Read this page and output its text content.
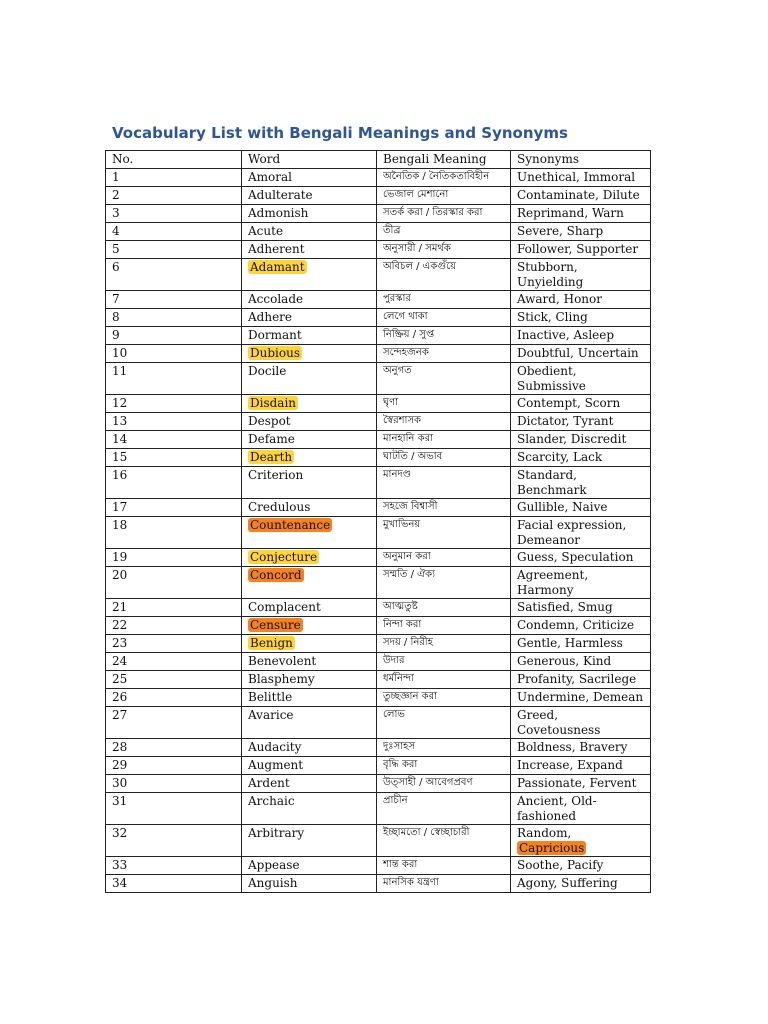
Vocabulary List with Bengali Meanings and Synonyms
No.	Word	Bengali Meaning	Synonyms
1	Amoral	অনৈতিক / নৈতিকতাবিহীন	Unethical, Immoral
2	Adulterate	ভেজাল মেশানো	Contaminate, Dilute
3	Admonish	সতর্ক করা / তিরস্কার করা	Reprimand, Warn
4	Acute	তীব্র	Severe, Sharp
5	Adherent	অনুসারী / সমর্থক	Follower, Supporter
6	Adamant	অবিচল / একগুঁয়ে	Stubborn, Unyielding
7	Accolade	পুরস্কার	Award, Honor
8	Adhere	লেগে থাকা	Stick, Cling
9	Dormant	নিষ্ক্রিয় / সুপ্ত	Inactive, Asleep
10	Dubious	সন্দেহজনক	Doubtful, Uncertain
11	Docile	অনুগত	Obedient, Submissive
12	Disdain	ঘৃণা	Contempt, Scorn
13	Despot	স্বৈরশাসক	Dictator, Tyrant
14	Defame	মানহানি করা	Slander, Discredit
15	Dearth	ঘাটতি / অভাব	Scarcity, Lack
16	Criterion	মানদণ্ড	Standard, Benchmark
17	Credulous	সহজে বিশ্বাসী	Gullible, Naive
18	Countenance	মুখাভিনয়	Facial expression, Demeanor
19	Conjecture	অনুমান করা	Guess, Speculation
20	Concord	সম্মতি / ঐক্য	Agreement, Harmony
21	Complacent	আত্মতুষ্ট	Satisfied, Smug
22	Censure	নিন্দা করা	Condemn, Criticize
23	Benign	সদয় / নিরীহ	Gentle, Harmless
24	Benevolent	উদার	Generous, Kind
25	Blasphemy	ধর্মনিন্দা	Profanity, Sacrilege
26	Belittle	তুচ্ছজ্ঞান করা	Undermine, Demean
27	Avarice	লোভ	Greed, Covetousness
28	Audacity	দুঃসাহস	Boldness, Bravery
29	Augment	বৃদ্ধি করা	Increase, Expand
30	Ardent	উত্সাহী / আবেগপ্রবণ	Passionate, Fervent
31	Archaic	প্রাচীন	Ancient, Old-fashioned
32	Arbitrary	ইচ্ছামতো / স্বেচ্ছাচারী	Random, Capricious
33	Appease	শান্ত করা	Soothe, Pacify
34	Anguish	মানসিক যন্ত্রণা	Agony, Suffering
